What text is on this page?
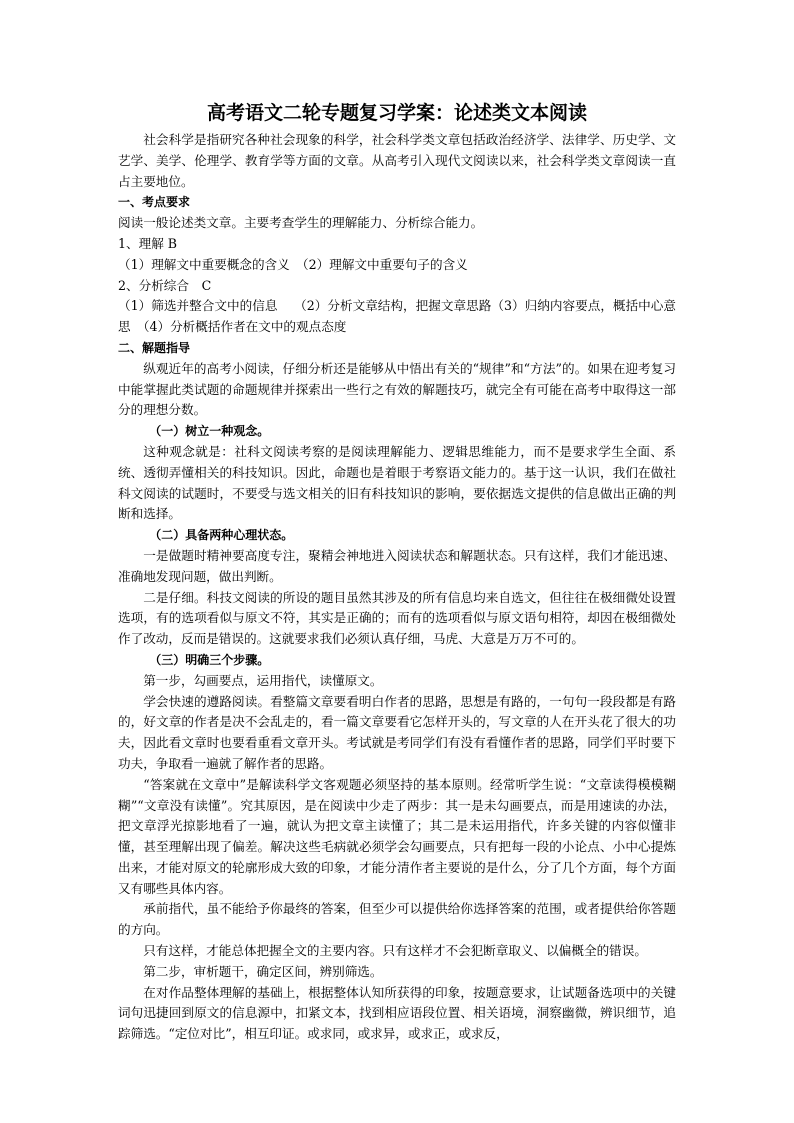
高考语文二轮专题复习学案：论述类文本阅读

社会科学是指研究各种社会现象的科学，社会科学类文章包括政治经济学、法律学、历史学、文艺学、美学、伦理学、教育学等方面的文章。从高考引入现代文阅读以来，社会科学类文章阅读一直占主要地位。

一、考点要求

阅读一般论述类文章。主要考查学生的理解能力、分析综合能力。

1、理解 B

（1）理解文中重要概念的含义　（2）理解文中重要句子的含义

2、分析综合　C

（1）筛选并整合文中的信息　 （2）分析文章结构，把握文章思路（3）归纳内容要点，概括中心意思　（4）分析概括作者在文中的观点态度

二、解题指导

纵观近年的高考小阅读，仔细分析还是能够从中悟出有关的“规律”和“方法”的。如果在迎考复习中能掌握此类试题的命题规律并探索出一些行之有效的解题技巧，就完全有可能在高考中取得这一部分的理想分数。

（一）树立一种观念。

这种观念就是：社科文阅读考察的是阅读理解能力、逻辑思维能力，而不是要求学生全面、系统、透彻弄懂相关的科技知识。因此，命题也是着眼于考察语文能力的。基于这一认识，我们在做社科文阅读的试题时，不要受与选文相关的旧有科技知识的影响，要依据选文提供的信息做出正确的判断和选择。

（二）具备两种心理状态。

一是做题时精神要高度专注，聚精会神地进入阅读状态和解题状态。只有这样，我们才能迅速、准确地发现问题，做出判断。

二是仔细。科技文阅读的所设的题目虽然其涉及的所有信息均来自选文，但往往在极细微处设置选项，有的选项看似与原文不符，其实是正确的；而有的选项看似与原文语句相符，却因在极细微处作了改动，反而是错误的。这就要求我们必须认真仔细，马虎、大意是万万不可的。

（三）明确三个步骤。

第一步，勾画要点，运用指代，读懂原文。

学会快速的遵路阅读。看整篇文章要看明白作者的思路，思想是有路的，一句句一段段都是有路的，好文章的作者是决不会乱走的，看一篇文章要看它怎样开头的，写文章的人在开头花了很大的功夫，因此看文章时也要看重看文章开头。考试就是考同学们有没有看懂作者的思路，同学们平时要下功夫，争取看一遍就了解作者的思路。

“答案就在文章中”是解读科学文客观题必须坚持的基本原则。经常听学生说：“文章读得模模糊糊”“文章没有读懂”。究其原因，是在阅读中少走了两步：其一是未勾画要点，而是用速读的办法，把文章浮光掠影地看了一遍，就认为把文章主读懂了；其二是未运用指代，许多关键的内容似懂非懂，甚至理解出现了偏差。解决这些毛病就必须学会勾画要点，只有把每一段的小论点、小中心提炼出来，才能对原文的轮廓形成大致的印象，才能分清作者主要说的是什么，分了几个方面，每个方面又有哪些具体内容。

承前指代，虽不能给予你最终的答案，但至少可以提供给你选择答案的范围，或者提供给你答题的方向。

只有这样，才能总体把握全文的主要内容。只有这样才不会犯断章取义、以偏概全的错误。

第二步，审析题干，确定区间，辨别筛选。

在对作品整体理解的基础上，根据整体认知所获得的印象，按题意要求，让试题备选项中的关键词句迅捷回到原文的信息源中，扣紧文本，找到相应语段位置、相关语境，洞察幽微，辨识细节，追踪筛选。“定位对比”，相互印证。或求同，或求异，或求正，或求反，
